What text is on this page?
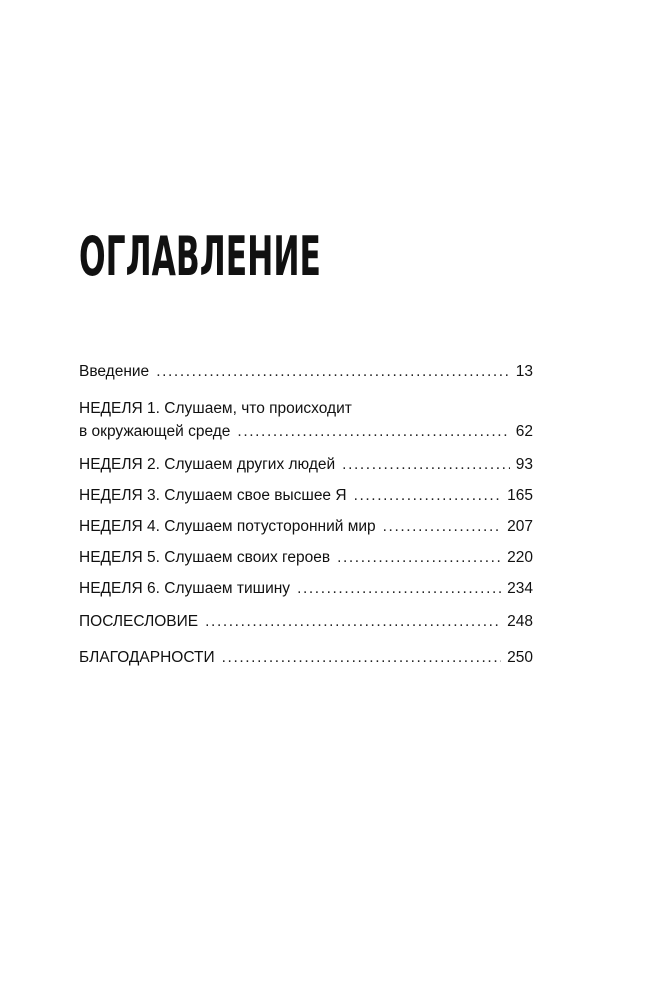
ОГЛАВЛЕНИЕ
Введение .....	13
НЕДЕЛЯ 1. Слушаем, что происходит
в окружающей среде .....	62
НЕДЕЛЯ 2. Слушаем других людей .....	93
НЕДЕЛЯ 3. Слушаем свое высшее Я .....	165
НЕДЕЛЯ 4. Слушаем потусторонний мир .....	207
НЕДЕЛЯ 5. Слушаем своих героев .....	220
НЕДЕЛЯ 6. Слушаем тишину .....	234
ПОСЛЕСЛОВИЕ .....	248
БЛАГОДАРНОСТИ .....	250
